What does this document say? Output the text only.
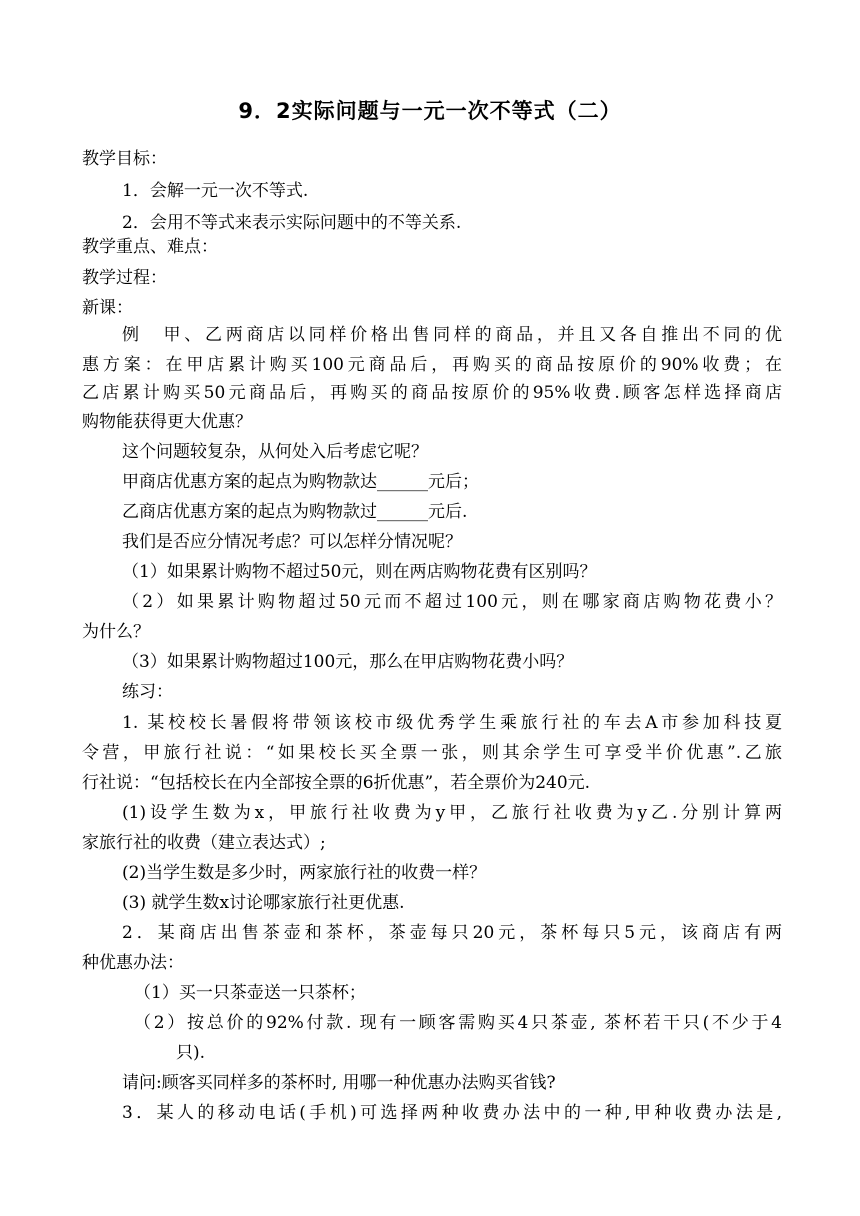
9．2实际问题与一元一次不等式（二）
教学目标：
1．会解一元一次不等式.
2．会用不等式来表示实际问题中的不等关系.
教学重点、难点：
教学过程：
新课：
例　甲、乙两商店以同样价格出售同样的商品，并且又各自推出不同的优
惠方案：在甲店累计购买100元商品后，再购买的商品按原价的90%收费；在
乙店累计购买50元商品后，再购买的商品按原价的95%收费.顾客怎样选择商店
购物能获得更大优惠？
这个问题较复杂，从何处入后考虑它呢？
甲商店优惠方案的起点为购物款达______元后；
乙商店优惠方案的起点为购物款过______元后.
我们是否应分情况考虑？可以怎样分情况呢？
（1）如果累计购物不超过50元，则在两店购物花费有区别吗？
（2）如果累计购物超过50元而不超过100元，则在哪家商店购物花费小？
为什么？
（3）如果累计购物超过100元，那么在甲店购物花费小吗？
练习：
1. 某校校长暑假将带领该校市级优秀学生乘旅行社的车去A市参加科技夏
令营，甲旅行社说：“如果校长买全票一张，则其余学生可享受半价优惠”.乙旅
行社说：“包括校长在内全部按全票的6折优惠”，若全票价为240元.
(1)设学生数为x，甲旅行社收费为y甲，乙旅行社收费为y乙.分别计算两
家旅行社的收费（建立表达式）;
(2)当学生数是多少时，两家旅行社的收费一样？
(3) 就学生数x讨论哪家旅行社更优惠.
2．某商店出售茶壶和茶杯，茶壶每只20元，茶杯每只5元，该商店有两
种优惠办法：
（1）买一只茶壶送一只茶杯；
（2）按总价的92%付款. 现有一顾客需购买4只茶壶, 茶杯若干只(不少于4
只).
请问:顾客买同样多的茶杯时, 用哪一种优惠办法购买省钱?
3．某人的移动电话(手机)可选择两种收费办法中的一种,甲种收费办法是,
